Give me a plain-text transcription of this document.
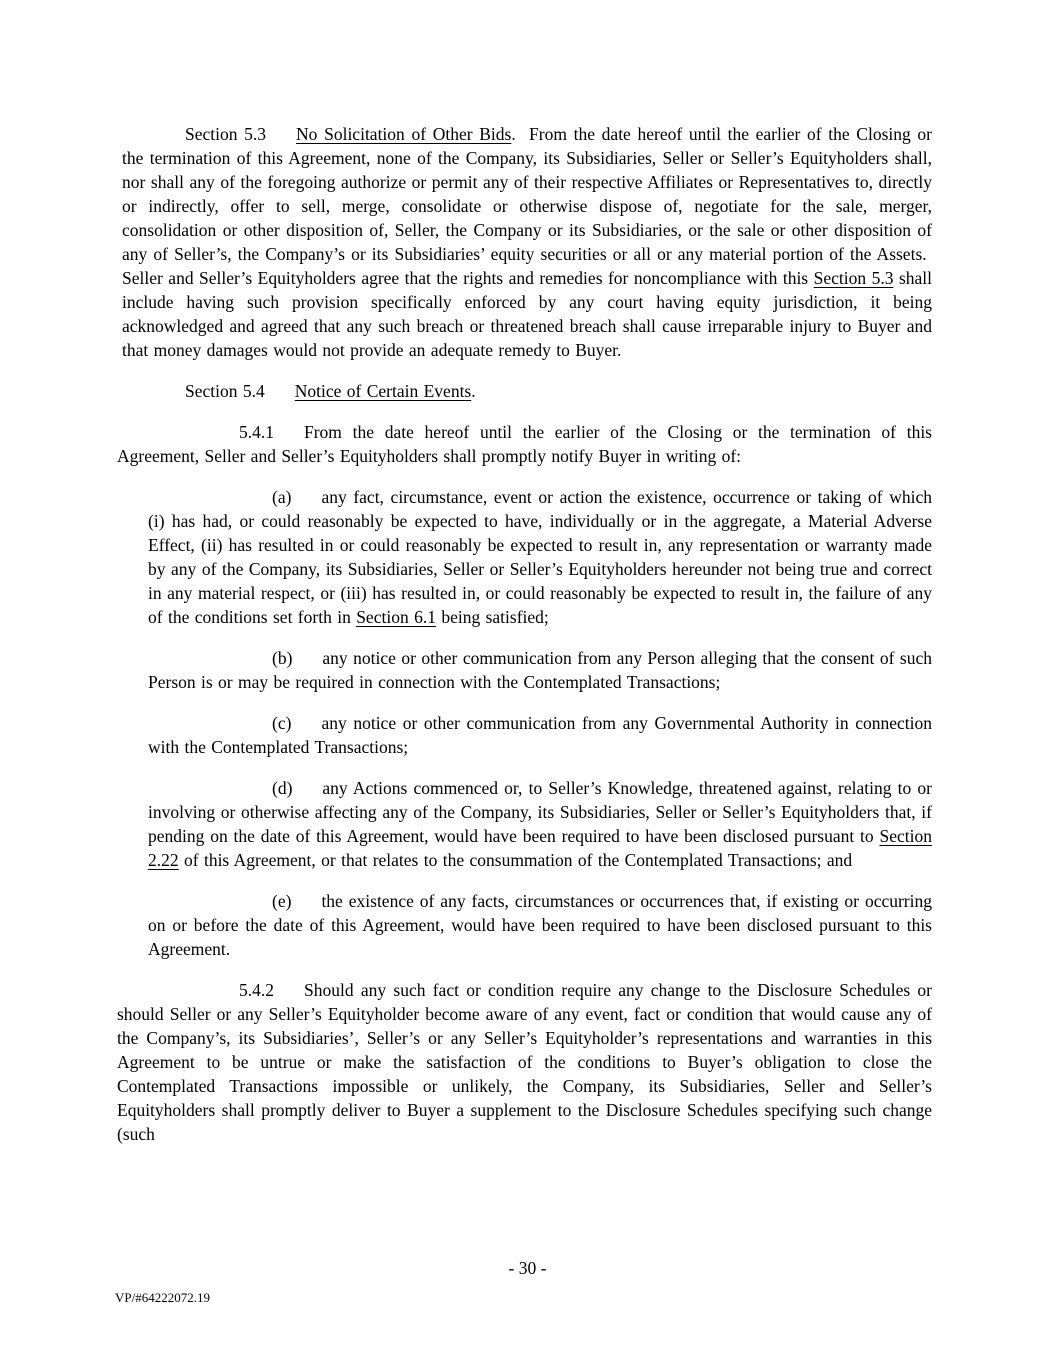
Section 5.3 No Solicitation of Other Bids.  From the date hereof until the earlier of the Closing or the termination of this Agreement, none of the Company, its Subsidiaries, Seller or Seller’s Equityholders shall, nor shall any of the foregoing authorize or permit any of their respective Affiliates or Representatives to, directly or indirectly, offer to sell, merge, consolidate or otherwise dispose of, negotiate for the sale, merger, consolidation or other disposition of, Seller, the Company or its Subsidiaries, or the sale or other disposition of any of Seller’s, the Company’s or its Subsidiaries’ equity securities or all or any material portion of the Assets.  Seller and Seller’s Equityholders agree that the rights and remedies for noncompliance with this Section 5.3 shall include having such provision specifically enforced by any court having equity jurisdiction, it being acknowledged and agreed that any such breach or threatened breach shall cause irreparable injury to Buyer and that money damages would not provide an adequate remedy to Buyer.

Section 5.4 Notice of Certain Events.

5.4.1 From the date hereof until the earlier of the Closing or the termination of this Agreement, Seller and Seller’s Equityholders shall promptly notify Buyer in writing of:

(a) any fact, circumstance, event or action the existence, occurrence or taking of which (i) has had, or could reasonably be expected to have, individually or in the aggregate, a Material Adverse Effect, (ii) has resulted in or could reasonably be expected to result in, any representation or warranty made by any of the Company, its Subsidiaries, Seller or Seller’s Equityholders hereunder not being true and correct in any material respect, or (iii) has resulted in, or could reasonably be expected to result in, the failure of any of the conditions set forth in Section 6.1 being satisfied;

(b) any notice or other communication from any Person alleging that the consent of such Person is or may be required in connection with the Contemplated Transactions;

(c) any notice or other communication from any Governmental Authority in connection with the Contemplated Transactions;

(d) any Actions commenced or, to Seller’s Knowledge, threatened against, relating to or involving or otherwise affecting any of the Company, its Subsidiaries, Seller or Seller’s Equityholders that, if pending on the date of this Agreement, would have been required to have been disclosed pursuant to Section 2.22 of this Agreement, or that relates to the consummation of the Contemplated Transactions; and

(e) the existence of any facts, circumstances or occurrences that, if existing or occurring on or before the date of this Agreement, would have been required to have been disclosed pursuant to this Agreement.

5.4.2 Should any such fact or condition require any change to the Disclosure Schedules or should Seller or any Seller’s Equityholder become aware of any event, fact or condition that would cause any of the Company’s, its Subsidiaries’, Seller’s or any Seller’s Equityholder’s representations and warranties in this Agreement to be untrue or make the satisfaction of the conditions to Buyer’s obligation to close the Contemplated Transactions impossible or unlikely, the Company, its Subsidiaries, Seller and Seller’s Equityholders shall promptly deliver to Buyer a supplement to the Disclosure Schedules specifying such change (such

- 30 -
VP/#64222072.19
